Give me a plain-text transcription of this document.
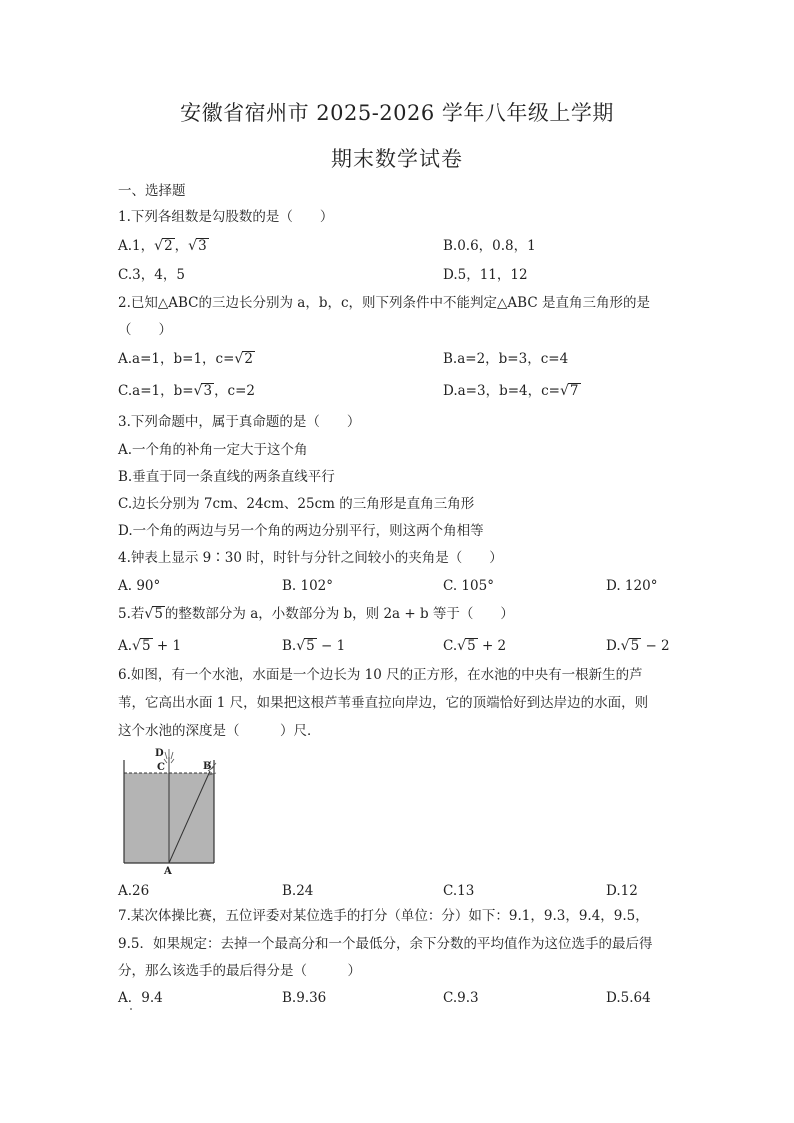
安徽省宿州市 2025-2026 学年八年级上学期
期末数学试卷
一、选择题
1.下列各组数是勾股数的是（　　）
A.1，√2 ，√3	B.0.6，0.8，1
C.3，4，5	D.5，11，12
2.已知△ABC的三边长分别为 a，b，c，则下列条件中不能判定△ABC 是直角三角形的是
（　　）
A.a=1，b=1，c=√2	B.a=2，b=3，c=4
C.a=1，b=√3 ，c=2	D.a=3，b=4，c=√7
3.下列命题中，属于真命题的是（　　）
A.一个角的补角一定大于这个角
B.垂直于同一条直线的两条直线平行
C.边长分别为 7cm、24cm、25cm 的三角形是直角三角形
D.一个角的两边与另一个角的两边分别平行，则这两个角相等
4.钟表上显示 9∶30 时，时针与分针之间较小的夹角是（　　）
A. 90°	B. 102°	C. 105°	D. 120°
5.若√5 的整数部分为 a，小数部分为 b，则 2a + b 等于（　　）
A.√5 + 1	B.√5 − 1	C.√5 + 2	D.√5 − 2
6.如图，有一个水池，水面是一个边长为 10 尺的正方形，在水池的中央有一根新生的芦
苇，它高出水面 1 尺，如果把这根芦苇垂直拉向岸边，它的顶端恰好到达岸边的水面，则
这个水池的深度是（　　　）尺．
D
C	B
A
A.26	B.24	C.13	D.12
7.某次体操比赛，五位评委对某位选手的打分（单位：分）如下：9.1，9.3，9.4，9.5，
9.5．如果规定：去掉一个最高分和一个最低分，余下分数的平均值作为这位选手的最后得
分，那么该选手的最后得分是（　　　）
A．9.4	B.9.36	C.9.3	D.5.64
